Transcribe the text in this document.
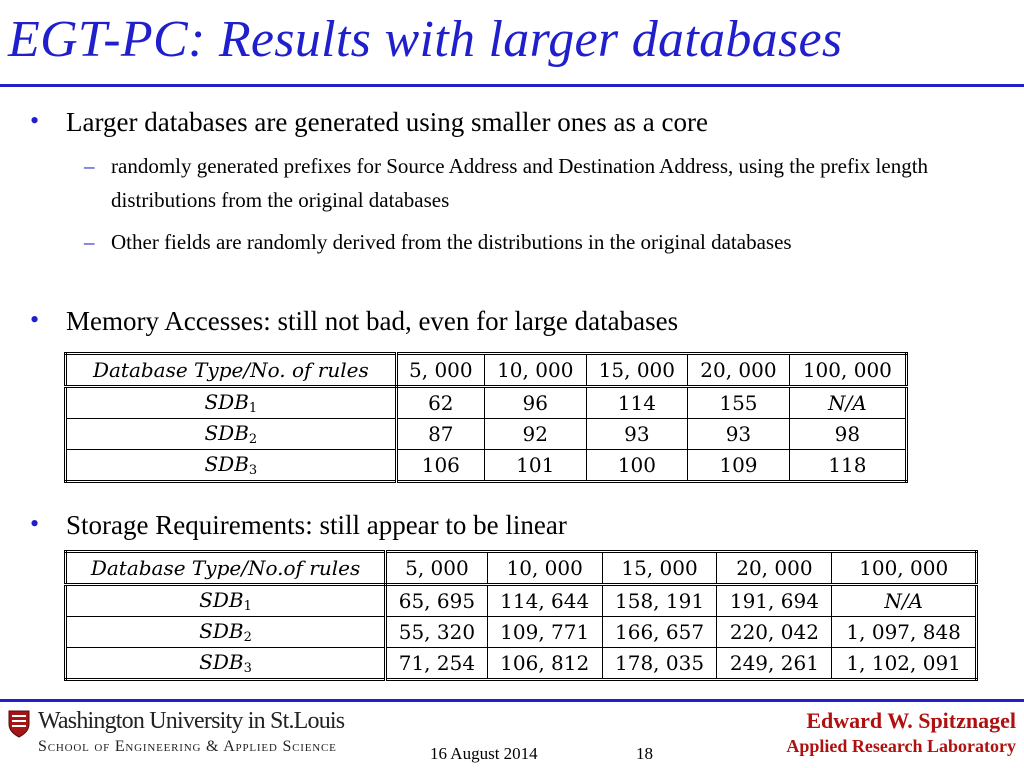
EGT-PC: Results with larger databases
• Larger databases are generated using smaller ones as a core
– randomly generated prefixes for Source Address and Destination Address, using the prefix length distributions from the original databases
– Other fields are randomly derived from the distributions in the original databases
• Memory Accesses: still not bad, even for large databases
Database Type/No. of rules	5, 000	10, 000	15, 000	20, 000	100, 000
$SDB_1$	62	96	114	155	N/A
$SDB_2$	87	92	93	93	98
$SDB_3$	106	101	100	109	118
• Storage Requirements: still appear to be linear
Database Type/No.of rules	5, 000	10, 000	15, 000	20, 000	100, 000
$SDB_1$	65, 695	114, 644	158, 191	191, 694	N/A
$SDB_2$	55, 320	109, 771	166, 657	220, 042	1, 097, 848
$SDB_3$	71, 254	106, 812	178, 035	249, 261	1, 102, 091
Washington University in St.Louis
School of Engineering & Applied Science	16 August 2014	18
Edward W. Spitznagel
Applied Research Laboratory
